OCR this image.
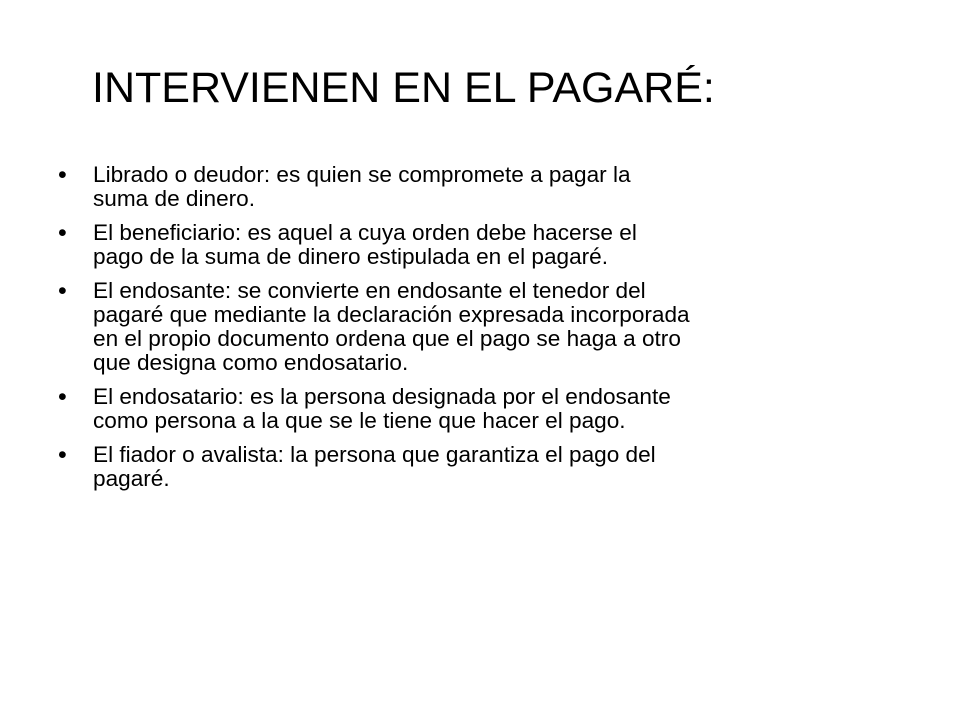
INTERVIENEN EN EL PAGARÉ:
•	Librado o deudor: es quien se compromete a pagar la
suma de dinero.
•	El beneficiario: es aquel a cuya orden debe hacerse el
pago de la suma de dinero estipulada en el pagaré.
•	El endosante: se convierte en endosante el tenedor del
pagaré que mediante la declaración expresada incorporada
en el propio documento ordena que el pago se haga a otro
que designa como endosatario.
•	El endosatario: es la persona designada por el endosante
como persona a la que se le tiene que hacer el pago.
•	El fiador o avalista: la persona que garantiza el pago del
pagaré.
